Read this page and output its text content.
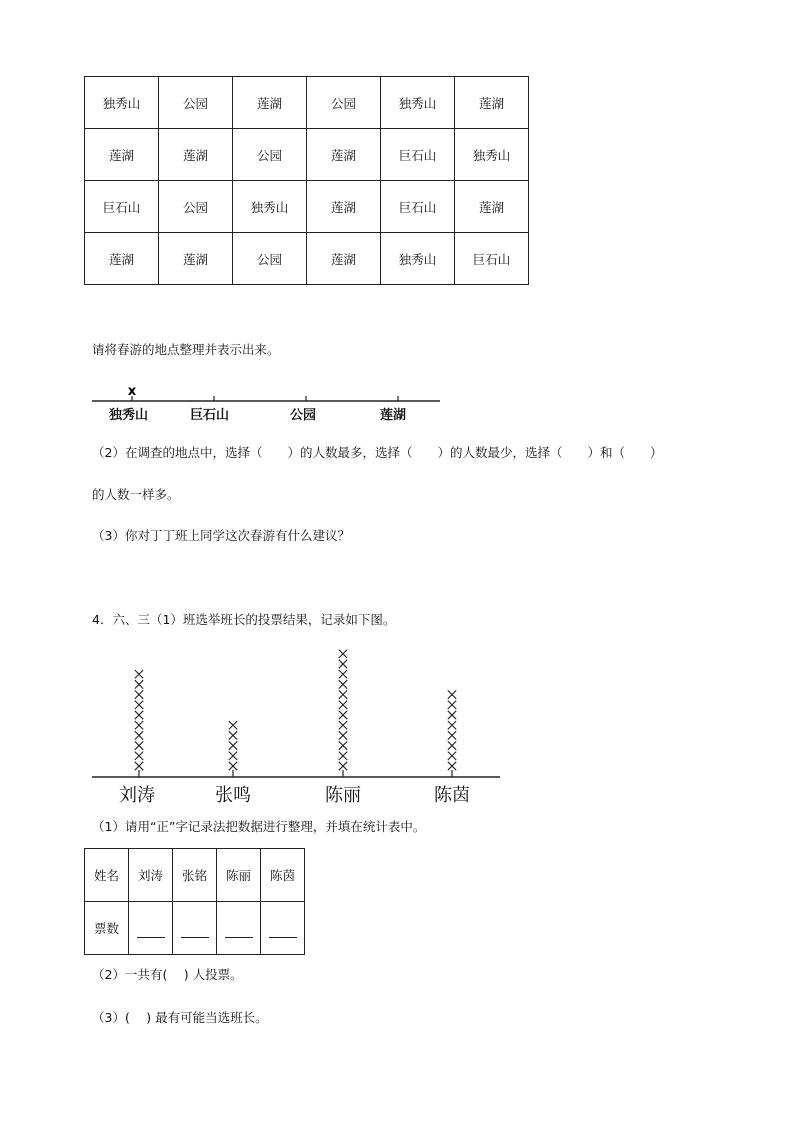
独秀山	公园	莲湖	公园	独秀山	莲湖
莲湖	莲湖	公园	莲湖	巨石山	独秀山
巨石山	公园	独秀山	莲湖	巨石山	莲湖
莲湖	莲湖	公园	莲湖	独秀山	巨石山
请将春游的地点整理并表示出来。
x
独秀山	巨石山	公园	莲湖
（2）在调查的地点中，选择（　　）的人数最多，选择（　　）的人数最少，选择（　　）和（　　）
的人数一样多。
（3）你对丁丁班上同学这次春游有什么建议？
4．六、三（1）班选举班长的投票结果，记录如下图。
刘涛	张鸣	陈丽	陈茵
（1）请用“正”字记录法把数据进行整理，并填在统计表中。
姓名	刘涛	张铭	陈丽	陈茵
票数				
（2）一共有(　 ) 人投票。
（3）(　 ) 最有可能当选班长。
